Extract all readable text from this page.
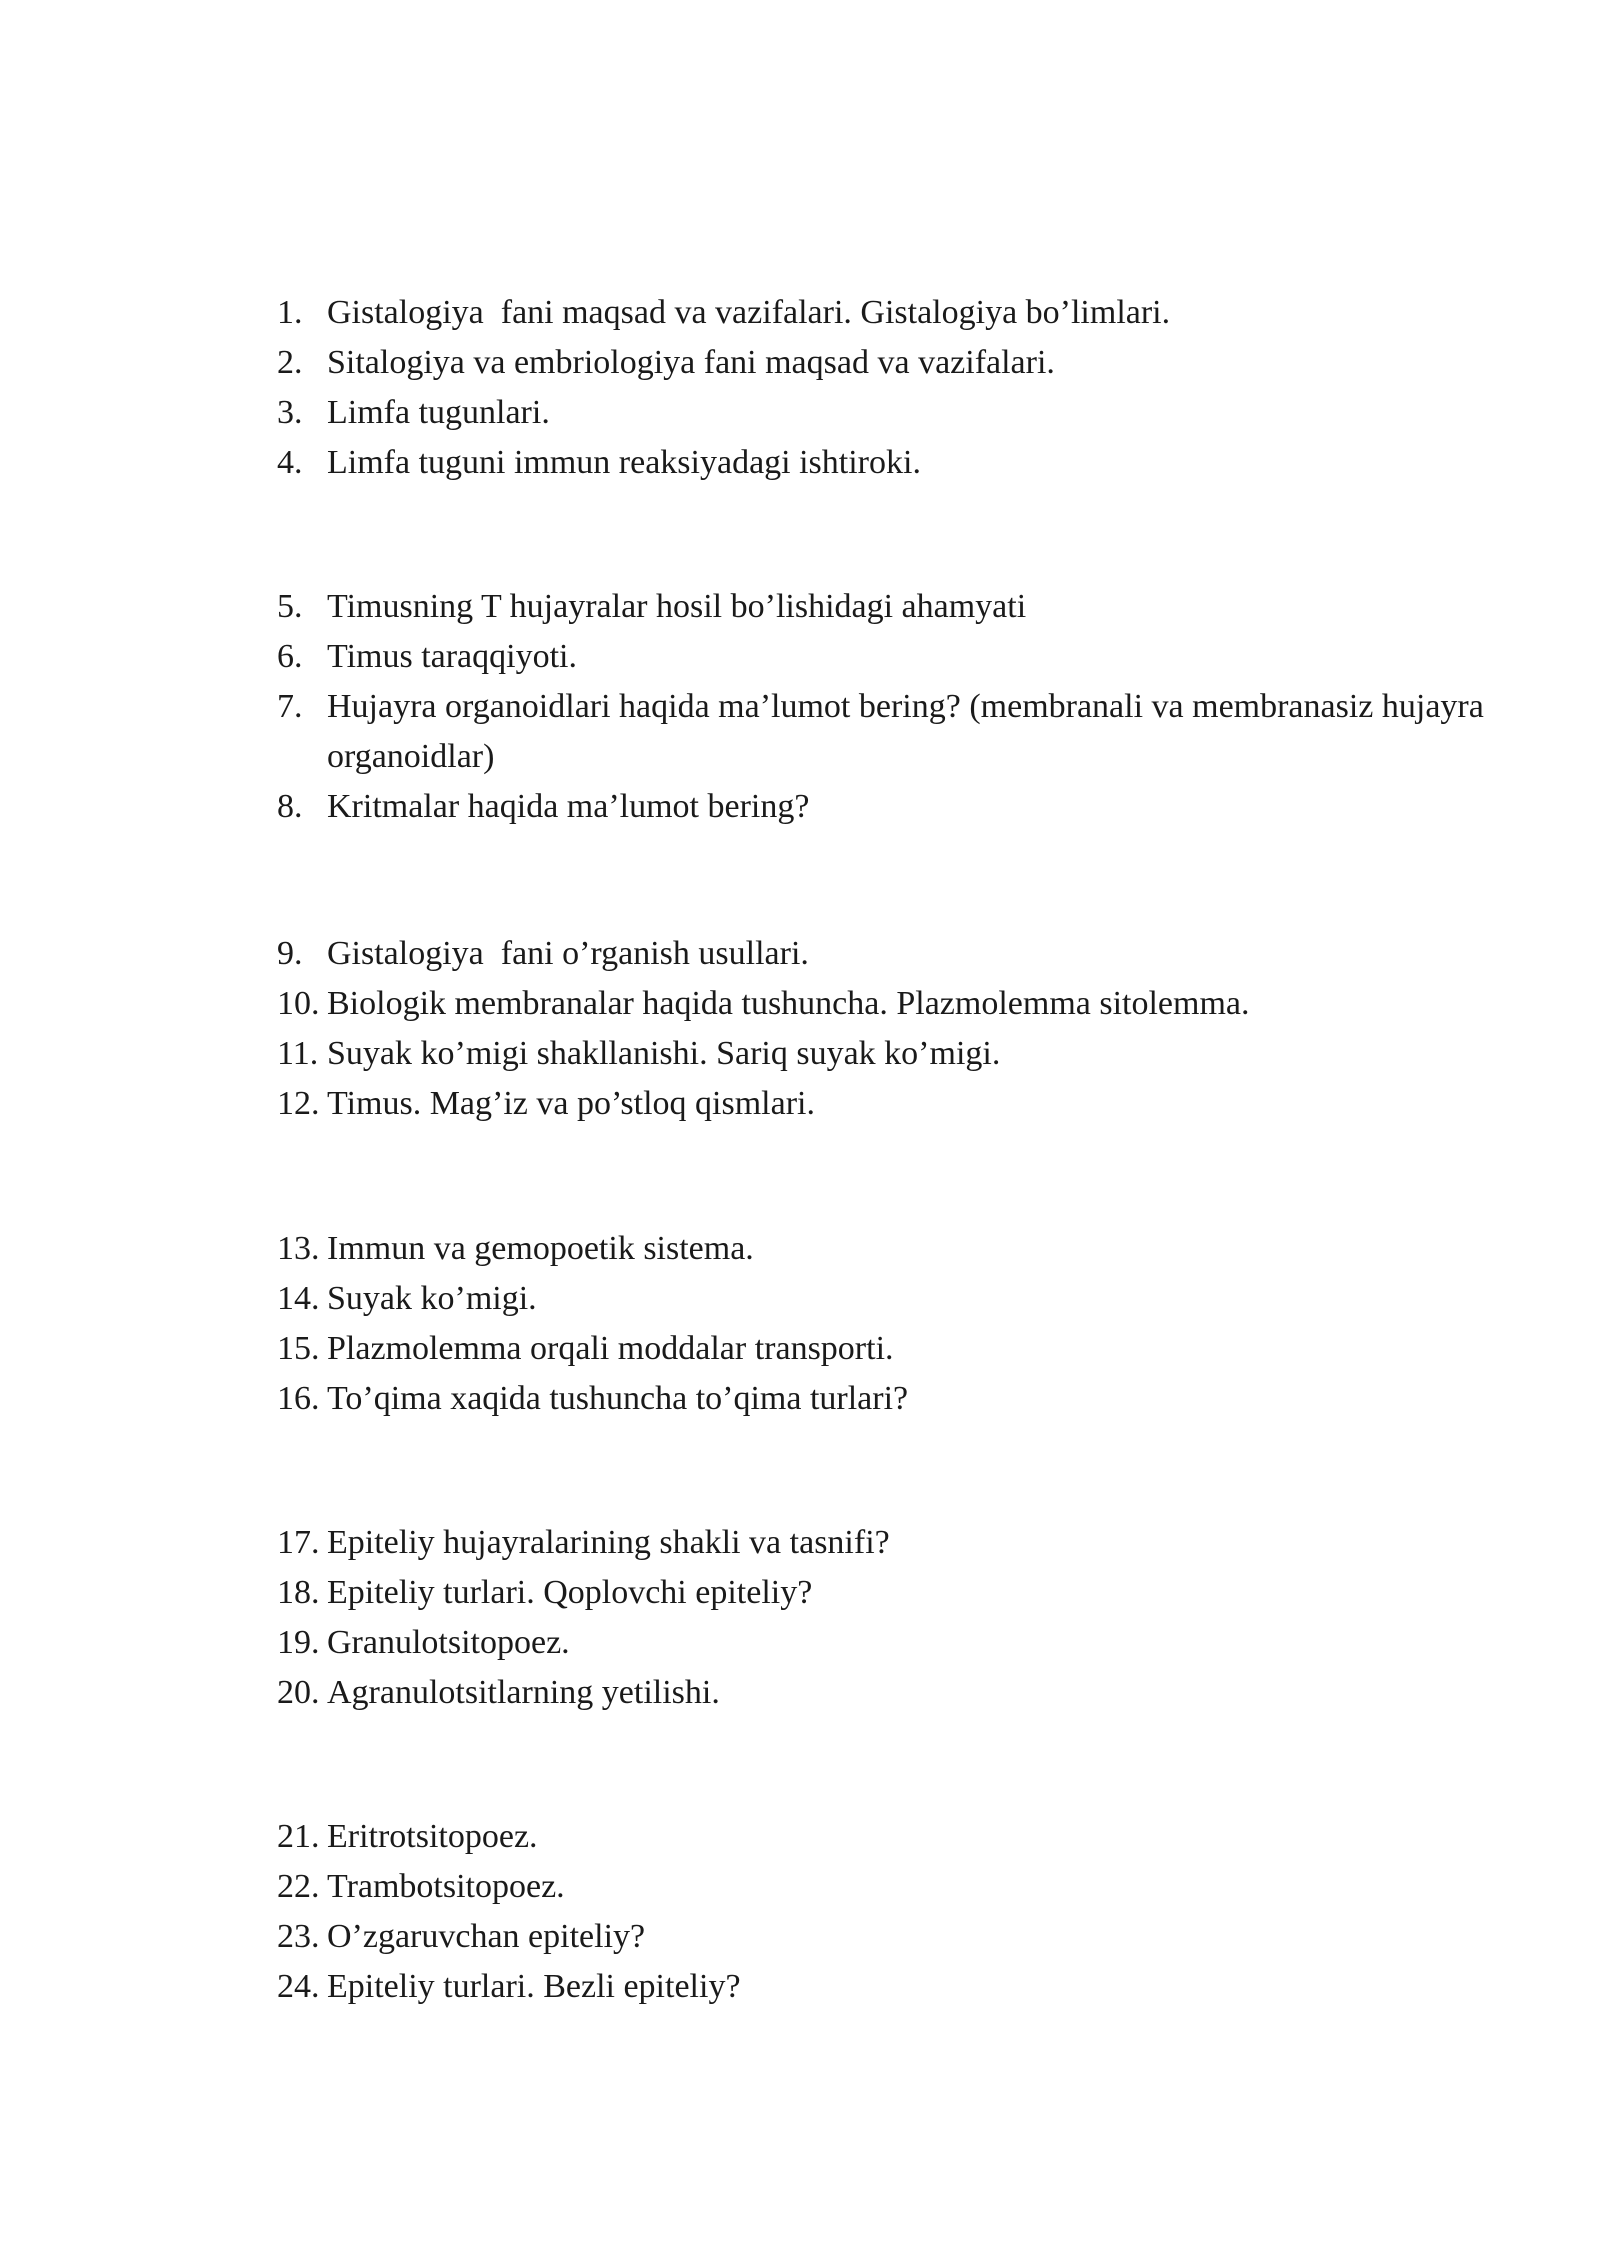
1. Gistalogiya  fani maqsad va vazifalari. Gistalogiya bo’limlari.
2. Sitalogiya va embriologiya fani maqsad va vazifalari.
3. Limfa tugunlari.
4. Limfa tuguni immun reaksiyadagi ishtiroki.
5. Timusning T hujayralar hosil bo’lishidagi ahamyati
6. Timus taraqqiyoti.
7. Hujayra organoidlari haqida ma’lumot bering? (membranali va membranasiz hujayra organoidlar)
8. Kritmalar haqida ma’lumot bering?
9. Gistalogiya  fani o’rganish usullari.
10. Biologik membranalar haqida tushuncha. Plazmolemma sitolemma.
11. Suyak ko’migi shakllanishi. Sariq suyak ko’migi.
12. Timus. Mag’iz va po’stloq qismlari.
13. Immun va gemopoetik sistema.
14. Suyak ko’migi.
15. Plazmolemma orqali moddalar transporti.
16. To’qima xaqida tushuncha to’qima turlari?
17. Epiteliy hujayralarining shakli va tasnifi?
18. Epiteliy turlari. Qoplovchi epiteliy?
19. Granulotsitopoez.
20. Agranulotsitlarning yetilishi.
21. Eritrotsitopoez.
22. Trambotsitopoez.
23. O’zgaruvchan epiteliy?
24. Epiteliy turlari. Bezli epiteliy?
